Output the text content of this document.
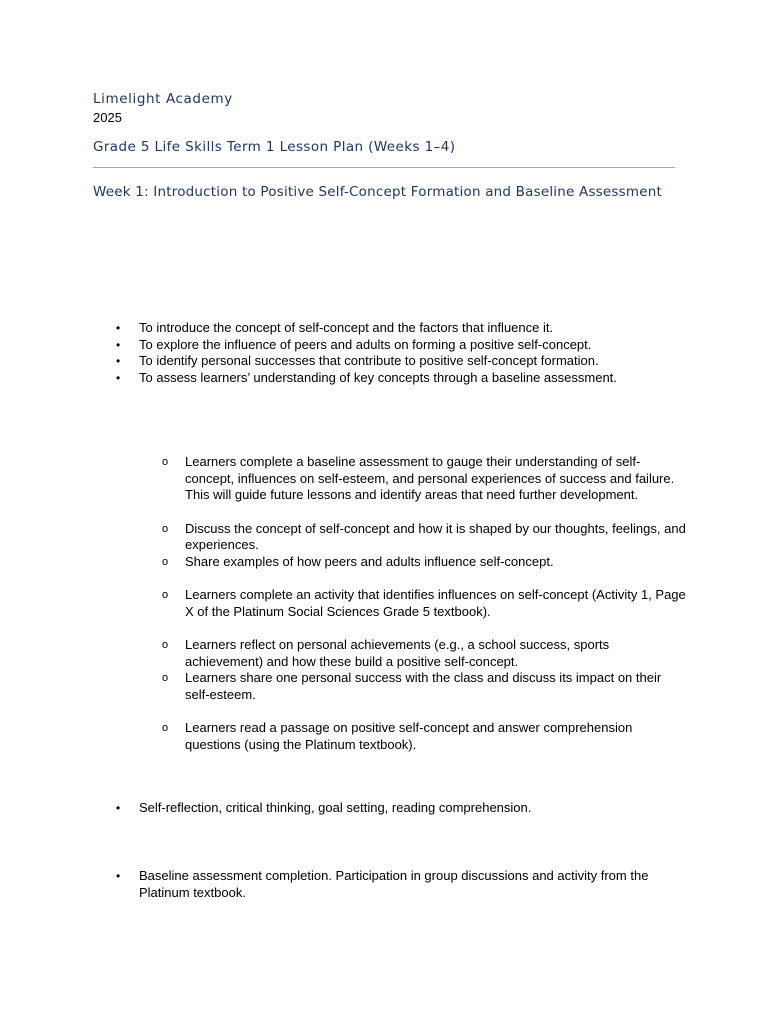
Limelight Academy
2025
Grade 5 Life Skills Term 1 Lesson Plan (Weeks 1–4)
Week 1: Introduction to Positive Self-Concept Formation and Baseline Assessment
•	To introduce the concept of self-concept and the factors that influence it.
•	To explore the influence of peers and adults on forming a positive self-concept.
•	To identify personal successes that contribute to positive self-concept formation.
•	To assess learners’ understanding of key concepts through a baseline assessment.
o Learners complete a baseline assessment to gauge their understanding of self-concept, influences on self-esteem, and personal experiences of success and failure. This will guide future lessons and identify areas that need further development.
o Discuss the concept of self-concept and how it is shaped by our thoughts, feelings, and experiences.
o Share examples of how peers and adults influence self-concept.
o Learners complete an activity that identifies influences on self-concept (Activity 1, Page X of the Platinum Social Sciences Grade 5 textbook).
o Learners reflect on personal achievements (e.g., a school success, sports achievement) and how these build a positive self-concept.
o Learners share one personal success with the class and discuss its impact on their self-esteem.
o Learners read a passage on positive self-concept and answer comprehension questions (using the Platinum textbook).
•	Self-reflection, critical thinking, goal setting, reading comprehension.
•	Baseline assessment completion. Participation in group discussions and activity from the Platinum textbook.
